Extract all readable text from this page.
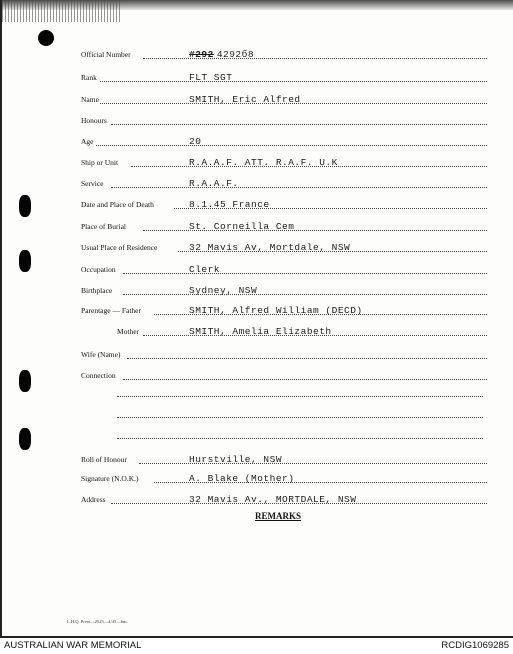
Official Number	#292 4292б8
Rank	FLT SGT
Name	SMITH, Eric Alfred
Honours
Age	20
Ship or Unit	R.A.A.F. ATT. R.A.F. U.K
Service	R.A.A.F.
Date and Place of Death	8.1.45 France
Place of Burial	St. Corneilla Cem
Usual Place of Residence	32 Mavis Av, Mortdale, NSW
Occupation	Clerk
Birthplace	Sydney, NSW
Parentage — Father	SMITH, Alfred William (DECD)
Mother	SMITH, Amelia Elizabeth
Wife (Name)
Connection
Roll of Honour	Hurstville, NSW
Signature (N.O.K.)	A. Blake (Mother)
Address	32 Mavis Av., MORTDALE, NSW
REMARKS
L.H.Q. Press—2525—4/45—6m.
AUSTRALIAN WAR MEMORIAL	RCDIG1069285
